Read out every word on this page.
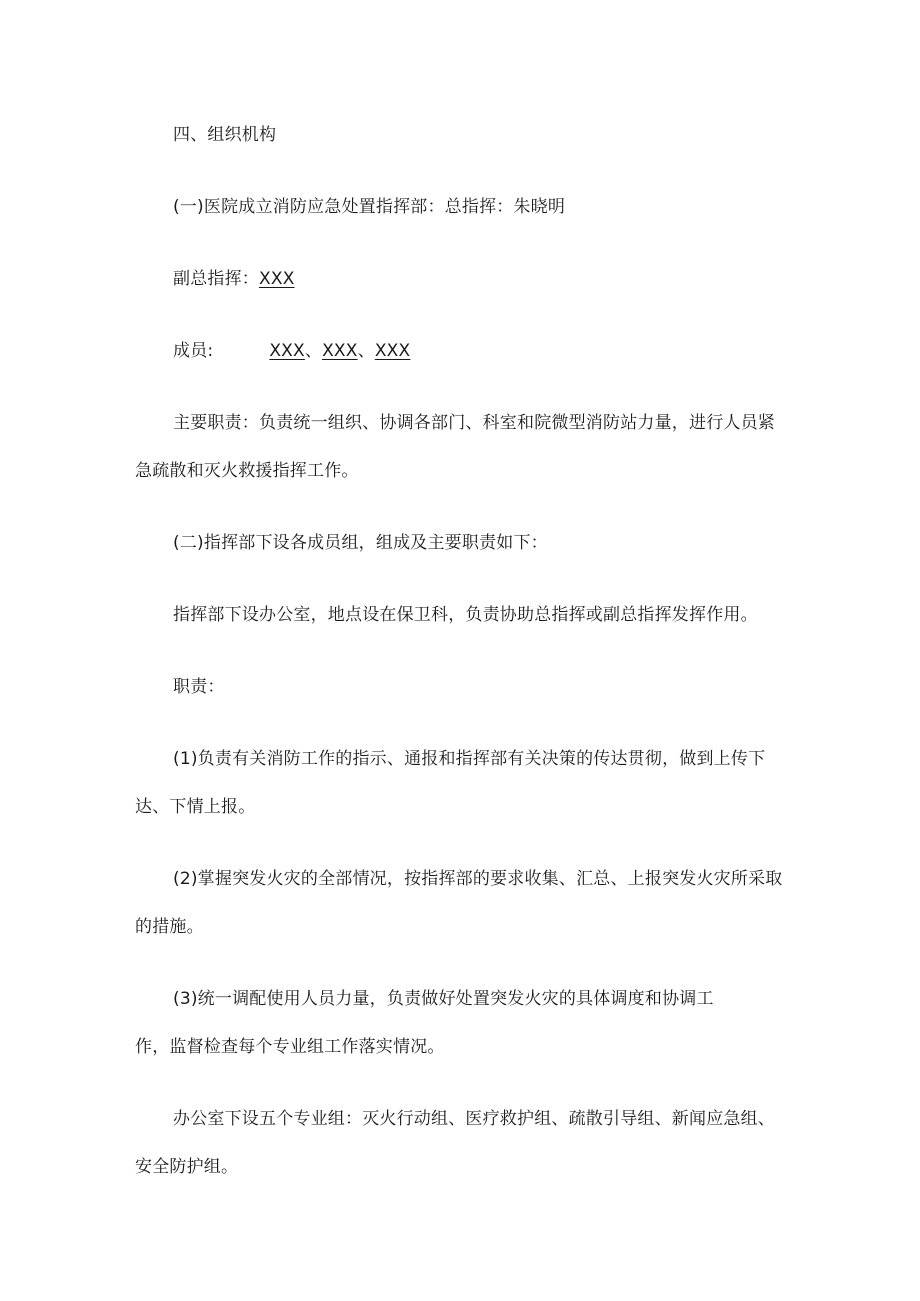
四、组织机构
(一)医院成立消防应急处置指挥部：总指挥：朱晓明
副总指挥：XXX
成员:	XXX、XXX、XXX
主要职责：负责统一组织、协调各部门、科室和院微型消防站力量，进行人员紧
急疏散和灭火救援指挥工作。
(二)指挥部下设各成员组，组成及主要职责如下：
指挥部下设办公室，地点设在保卫科，负责协助总指挥或副总指挥发挥作用。
职责：
(1)负责有关消防工作的指示、通报和指挥部有关决策的传达贯彻，做到上传下
达、下情上报。
(2)掌握突发火灾的全部情况，按指挥部的要求收集、汇总、上报突发火灾所采取
的措施。
(3)统一调配使用人员力量，负责做好处置突发火灾的具体调度和协调工
作，监督检查每个专业组工作落实情况。
办公室下设五个专业组：灭火行动组、医疗救护组、疏散引导组、新闻应急组、
安全防护组。
